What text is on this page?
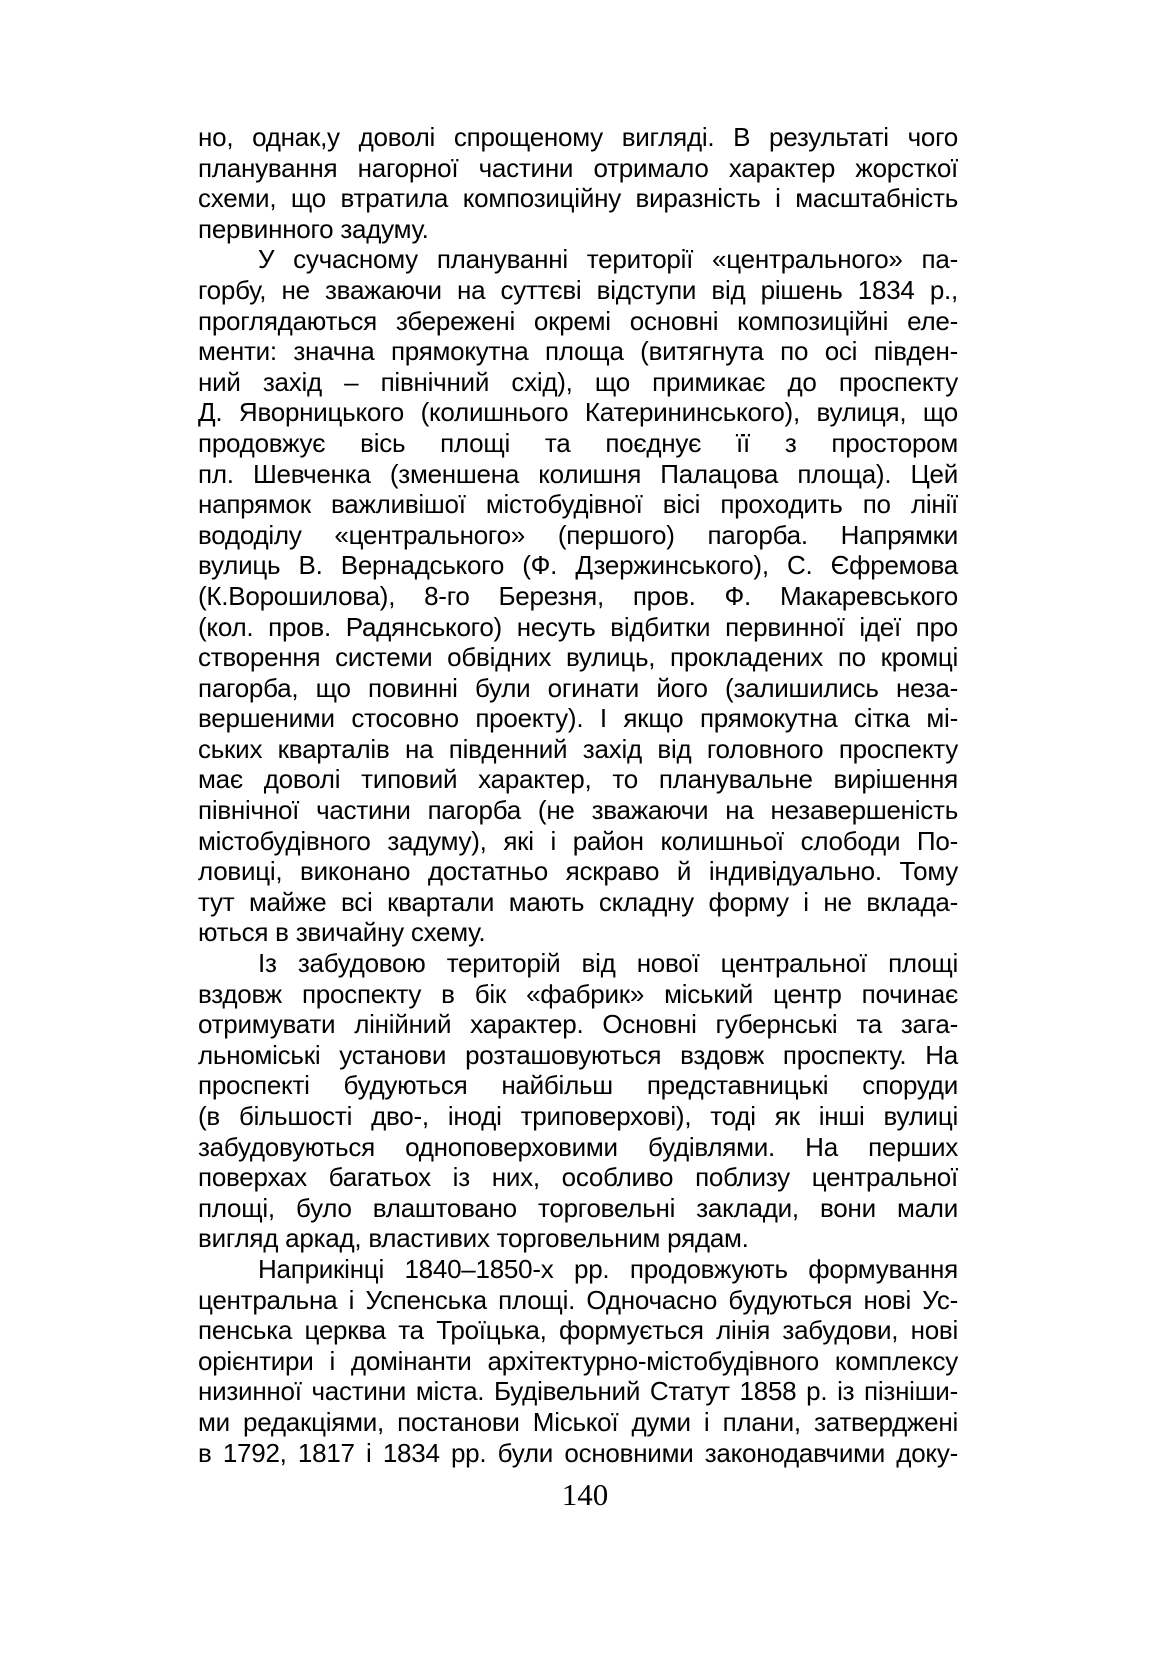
но, однак,у доволі спрощеному вигляді. В результаті чого
планування нагорної частини отримало характер жорсткої
схеми, що втратила композиційну виразність і масштабність
первинного задуму.
У сучасному плануванні території «центрального» па-
горбу, не зважаючи на суттєві відступи від рішень 1834 р.,
проглядаються збережені окремі основні композиційні еле-
менти: значна прямокутна площа (витягнута по осі півден-
ний захід – північний схід), що примикає до проспекту
Д. Яворницького (колишнього Катерининського), вулиця, що
продовжує вісь площі та поєднує її з простором
пл. Шевченка (зменшена колишня Палацова площа). Цей
напрямок важливішої містобудівної вісі проходить по лінії
вододілу «центрального» (першого) пагорба. Напрямки
вулиць В. Вернадського (Ф. Дзержинського), С. Єфремова
(К.Ворошилова), 8-го Березня, пров. Ф. Макаревського
(кол. пров. Радянського) несуть відбитки первинної ідеї про
створення системи обвідних вулиць, прокладених по кромці
пагорба, що повинні були огинати його (залишились неза-
вершеними стосовно проекту). І якщо прямокутна сітка мі-
ських кварталів на південний захід від головного проспекту
має доволі типовий характер, то планувальне вирішення
північної частини пагорба (не зважаючи на незавершеність
містобудівного задуму), які і район колишньої слободи По-
ловиці, виконано достатньо яскраво й індивідуально. Тому
тут майже всі квартали мають складну форму і не вклада-
ються в звичайну схему.
Із забудовою територій від нової центральної площі
вздовж проспекту в бік «фабрик» міський центр починає
отримувати лінійний характер. Основні губернські та зага-
льноміські установи розташовуються вздовж проспекту. На
проспекті будуються найбільш представницькі споруди
(в більшості дво-, іноді триповерхові), тоді як інші вулиці
забудовуються одноповерховими будівлями. На перших
поверхах багатьох із них, особливо поблизу центральної
площі, було влаштовано торговельні заклади, вони мали
вигляд аркад, властивих торговельним рядам.
Наприкінці 1840–1850-х рр. продовжують формування
центральна і Успенська площі. Одночасно будуються нові Ус-
пенська церква та Троїцька, формується лінія забудови, нові
орієнтири і домінанти архітектурно-містобудівного комплексу
низинної частини міста. Будівельний Статут 1858 р. із пізніши-
ми редакціями, постанови Міської думи і плани, затверджені
в 1792, 1817 і 1834 рр. були основними законодавчими доку-
140
